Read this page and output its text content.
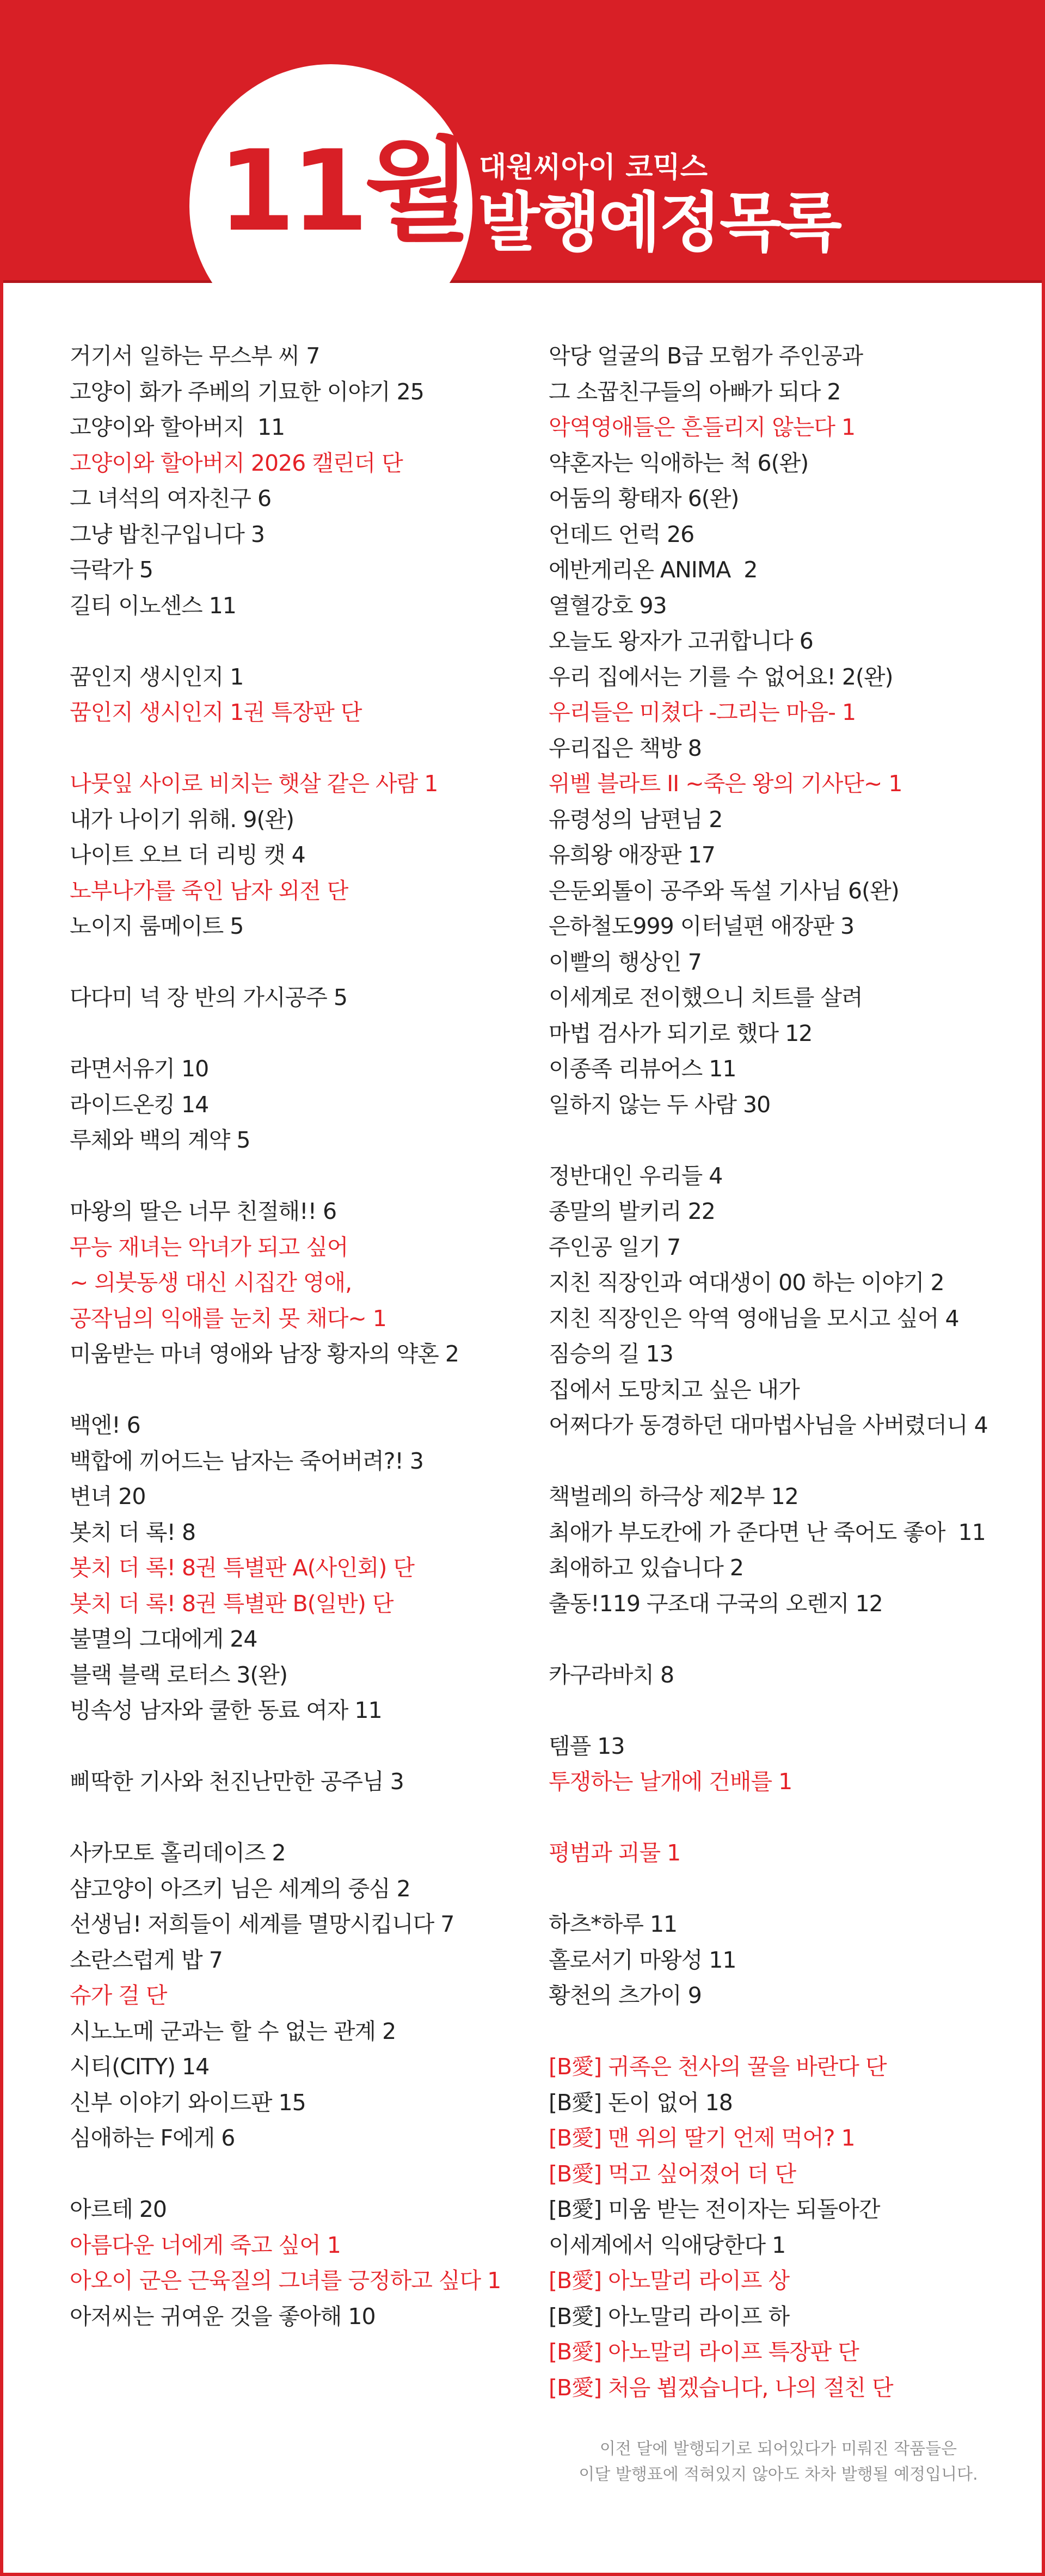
11월 대원씨아이 코믹스
발행예정목록
거기서 일하는 무스부 씨 7
고양이 화가 주베의 기묘한 이야기 25
고양이와 할아버지  11
고양이와 할아버지 2026 캘린더 단
그 녀석의 여자친구 6
그냥 밥친구입니다 3
극락가 5
길티 이노센스 11
꿈인지 생시인지 1
꿈인지 생시인지 1권 특장판 단
나뭇잎 사이로 비치는 햇살 같은 사람 1
내가 나이기 위해. 9(완)
나이트 오브 더 리빙 캣 4
노부나가를 죽인 남자 외전 단
노이지 룸메이트 5
다다미 넉 장 반의 가시공주 5
라면서유기 10
라이드온킹 14
루체와 백의 계약 5
마왕의 딸은 너무 친절해!! 6
무능 재녀는 악녀가 되고 싶어
~ 의붓동생 대신 시집간 영애,
공작님의 익애를 눈치 못 채다~ 1
미움받는 마녀 영애와 남장 황자의 약혼 2
백엔! 6
백합에 끼어드는 남자는 죽어버려?! 3
변녀 20
봇치 더 록! 8
봇치 더 록! 8권 특별판 A(사인회) 단
봇치 더 록! 8권 특별판 B(일반) 단
불멸의 그대에게 24
블랙 블랙 로터스 3(완)
빙속성 남자와 쿨한 동료 여자 11
삐딱한 기사와 천진난만한 공주님 3
사카모토 홀리데이즈 2
샴고양이 아즈키 님은 세계의 중심 2
선생님! 저희들이 세계를 멸망시킵니다 7
소란스럽게 밥 7
슈가 걸 단
시노노메 군과는 할 수 없는 관계 2
시티(CITY) 14
신부 이야기 와이드판 15
심애하는 F에게 6
아르테 20
아름다운 너에게 죽고 싶어 1
아오이 군은 근육질의 그녀를 긍정하고 싶다 1
아저씨는 귀여운 것을 좋아해 10
악당 얼굴의 B급 모험가 주인공과
그 소꿉친구들의 아빠가 되다 2
악역영애들은 흔들리지 않는다 1
약혼자는 익애하는 척 6(완)
어둠의 황태자 6(완)
언데드 언럭 26
에반게리온 ANIMA  2
열혈강호 93
오늘도 왕자가 고귀합니다 6
우리 집에서는 기를 수 없어요! 2(완)
우리들은 미쳤다 -그리는 마음- 1
우리집은 책방 8
위벨 블라트 II ~죽은 왕의 기사단~ 1
유령성의 남편님 2
유희왕 애장판 17
은둔외톨이 공주와 독설 기사님 6(완)
은하철도999 이터널편 애장판 3
이빨의 행상인 7
이세계로 전이했으니 치트를 살려
마법 검사가 되기로 했다 12
이종족 리뷰어스 11
일하지 않는 두 사람 30
정반대인 우리들 4
종말의 발키리 22
주인공 일기 7
지친 직장인과 여대생이 00 하는 이야기 2
지친 직장인은 악역 영애님을 모시고 싶어 4
짐승의 길 13
집에서 도망치고 싶은 내가
어쩌다가 동경하던 대마법사님을 사버렸더니 4
책벌레의 하극상 제2부 12
최애가 부도칸에 가 준다면 난 죽어도 좋아  11
최애하고 있습니다 2
출동!119 구조대 구국의 오렌지 12
카구라바치 8
템플 13
투쟁하는 날개에 건배를 1
평범과 괴물 1
하츠*하루 11
홀로서기 마왕성 11
황천의 츠가이 9
[B愛] 귀족은 천사의 꿀을 바란다 단
[B愛] 돈이 없어 18
[B愛] 맨 위의 딸기 언제 먹어? 1
[B愛] 먹고 싶어졌어 더 단
[B愛] 미움 받는 전이자는 되돌아간
이세계에서 익애당한다 1
[B愛] 아노말리 라이프 상
[B愛] 아노말리 라이프 하
[B愛] 아노말리 라이프 특장판 단
[B愛] 처음 뵙겠습니다, 나의 절친 단
이전 달에 발행되기로 되어있다가 미뤄진 작품들은
이달 발행표에 적혀있지 않아도 차차 발행될 예정입니다.
